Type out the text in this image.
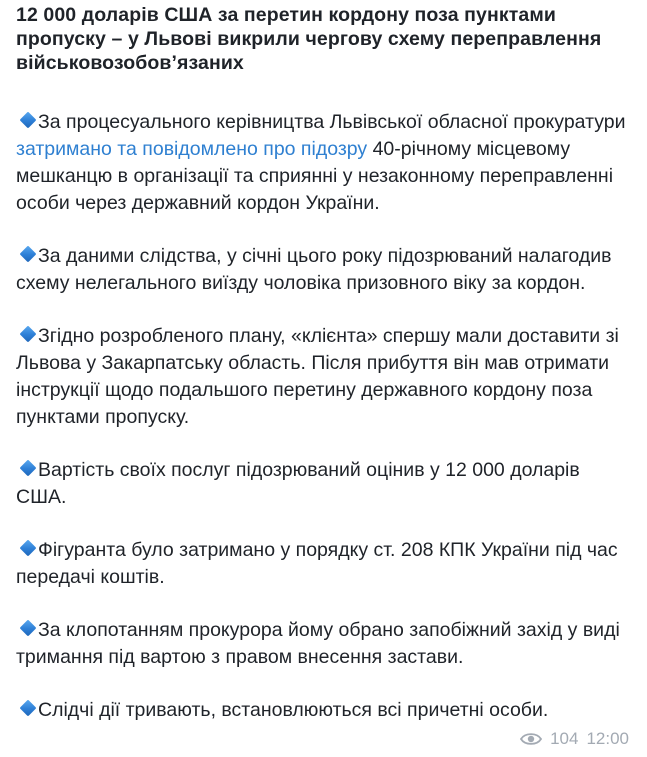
12 000 доларів США за перетин кордону поза пунктами пропуску – у Львові викрили чергову схему переправлення військовозобов’язаних

За процесуального керівництва Львівської обласної прокуратури затримано та повідомлено про підозру 40-річному місцевому мешканцю в організації та сприянні у незаконному переправленні особи через державний кордон України.

За даними слідства, у січні цього року підозрюваний налагодив схему нелегального виїзду чоловіка призовного віку за кордон.

Згідно розробленого плану, «клієнта» спершу мали доставити зі Львова у Закарпатську область. Після прибуття він мав отримати інструкції щодо подальшого перетину державного кордону поза пунктами пропуску.

Вартість своїх послуг підозрюваний оцінив у 12 000 доларів США.

Фігуранта було затримано у порядку ст. 208 КПК України під час передачі коштів.

За клопотанням прокурора йому обрано запобіжний захід у виді тримання під вартою з правом внесення застави.

Слідчі дії тривають, встановлюються всі причетні особи.

104 12:00
